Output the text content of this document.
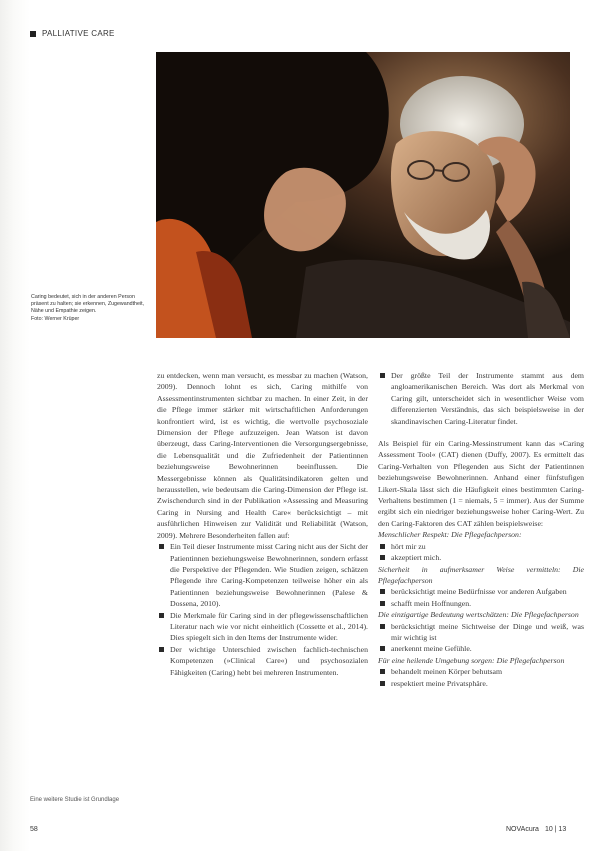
PALLIATIVE CARE
Caring bedeutet, sich in der anderen Person präsent zu halten; sie erkennen, Zugewandtheit, Nähe und Empathie zeigen.
Foto: Werner Krüper

zu entdecken, wenn man versucht, es messbar zu machen (Watson, 2009). Dennoch lohnt es sich, Caring mithilfe von Assessmentinstrumenten sichtbar zu machen. In einer Zeit, in der die Pflege immer stärker mit wirtschaftlichen Anforderungen konfrontiert wird, ist es wichtig, die wertvolle psychosoziale Dimension der Pflege aufzuzeigen. Jean Watson ist davon überzeugt, dass Caring-Interventionen die Versorgungsergebnisse, die Lebensqualität und die Zufriedenheit der Patientinnen beziehungsweise Bewohnerinnen beeinflussen. Die Messergebnisse können als Qualitätsindikatoren gelten und herausstellen, wie bedeutsam die Caring-Dimension der Pflege ist. Zwischendurch sind in der Publikation »Assessing and Measuring Caring in Nursing and Health Care« berücksichtigt – mit ausführlichen Hinweisen zur Validität und Reliabilität (Watson, 2009). Mehrere Besonderheiten fallen auf:

Ein Teil dieser Instrumente misst Caring nicht aus der Sicht der Patientinnen beziehungsweise Bewohnerinnen, sondern erfasst die Perspektive der Pflegenden. Wie Studien zeigen, schätzen Pflegende ihre Caring-Kompetenzen teilweise höher ein als Patientinnen beziehungsweise Bewohnerinnen (Palese & Dossena, 2010).
Die Merkmale für Caring sind in der pflegewissenschaftlichen Literatur nach wie vor nicht einheitlich (Cossette et al., 2014). Dies spiegelt sich in den Items der Instrumente wider.
Der wichtige Unterschied zwischen fachlich-technischen Kompetenzen (»Clinical Care«) und psychosozialen Fähigkeiten (Caring) hebt bei mehreren Instrumenten.
Der größte Teil der Instrumente stammt aus dem angloamerikanischen Bereich. Was dort als Merkmal von Caring gilt, unterscheidet sich in wesentlicher Weise vom differenzierten Verständnis, das sich beispielsweise in der skandinavischen Caring-Literatur findet.

Als Beispiel für ein Caring-Messinstrument kann das »Caring Assessment Tool« (CAT) dienen (Duffy, 2007). Es ermittelt das Caring-Verhalten von Pflegenden aus Sicht der Patientinnen beziehungsweise Bewohnerinnen. Anhand einer fünfstufigen Likert-Skala lässt sich die Häufigkeit eines bestimmten Caring-Verhaltens bestimmen (1 = niemals, 5 = immer). Aus der Summe ergibt sich ein niedriger beziehungsweise hoher Caring-Wert. Zu den Caring-Faktoren des CAT zählen beispielsweise:

Menschlicher Respekt: Die Pflegefachperson:

hört mir zu
akzeptiert mich.

Sicherheit in aufmerksamer Weise vermitteln: Die Pflegefachperson

berücksichtigt meine Bedürfnisse vor anderen Aufgaben
schafft mein Hoffnungen.

Die einzigartige Bedeutung wertschätzen: Die Pflegefachperson

berücksichtigt meine Sichtweise der Dinge und weiß, was mir wichtig ist
anerkennt meine Gefühle.

Für eine heilende Umgebung sorgen: Die Pflegefachperson

behandelt meinen Körper behutsam
respektiert meine Privatsphäre.
Eine weitere Studie ist Grundlage
58	NOVAcura 10 | 13
